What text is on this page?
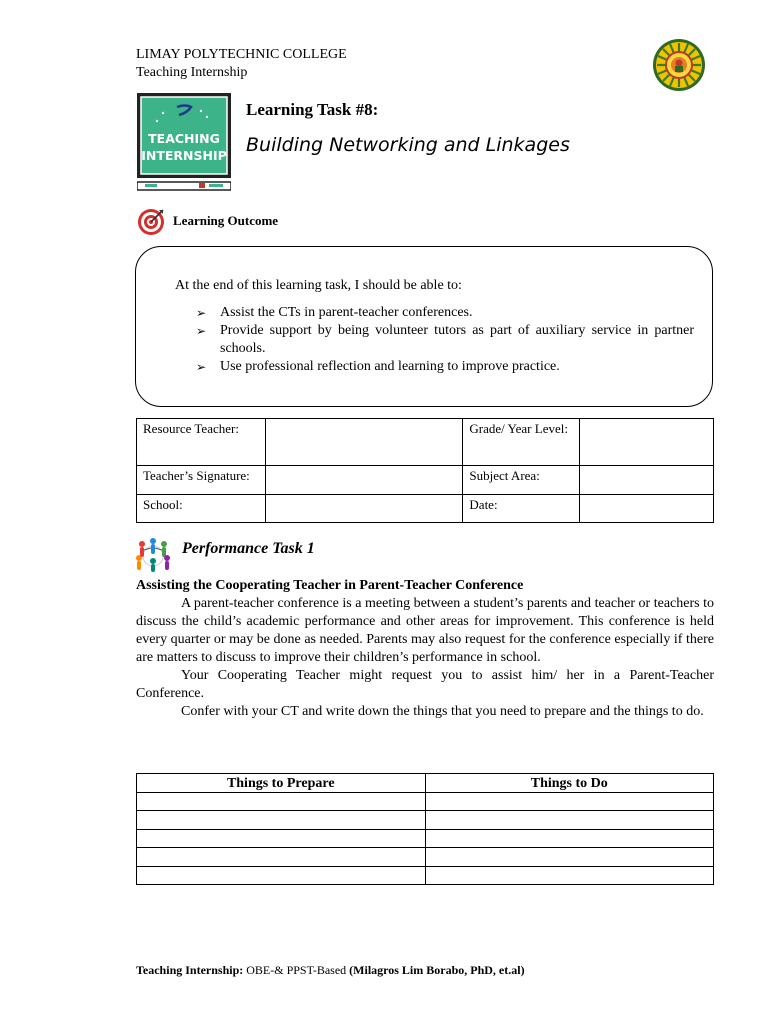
LIMAY POLYTECHNIC COLLEGE
Teaching Internship
TEACHING
INTERNSHIP
Learning Task #8:
Building Networking and Linkages
Learning Outcome
At the end of this learning task, I should be able to:
➢ Assist the CTs in parent-teacher conferences.
➢ Provide support by being volunteer tutors as part of auxiliary service in partner schools.
➢ Use professional reflection and learning to improve practice.
Resource Teacher:		Grade/ Year Level:	
Teacher’s Signature:		Subject Area:	
School:		Date:	
Performance Task 1
Assisting the Cooperating Teacher in Parent-Teacher Conference

A parent-teacher conference is a meeting between a student’s parents and teacher or teachers to discuss the child’s academic performance and other areas for improvement. This conference is held every quarter or may be done as needed. Parents may also request for the conference especially if there are matters to discuss to improve their children’s performance in school.

Your Cooperating Teacher might request you to assist him/ her in a Parent-Teacher Conference.

Confer with your CT and write down the things that you need to prepare and the things to do.

Things to Prepare	Things to Do

Teaching Internship: OBE-& PPST-Based (Milagros Lim Borabo, PhD, et.al)
